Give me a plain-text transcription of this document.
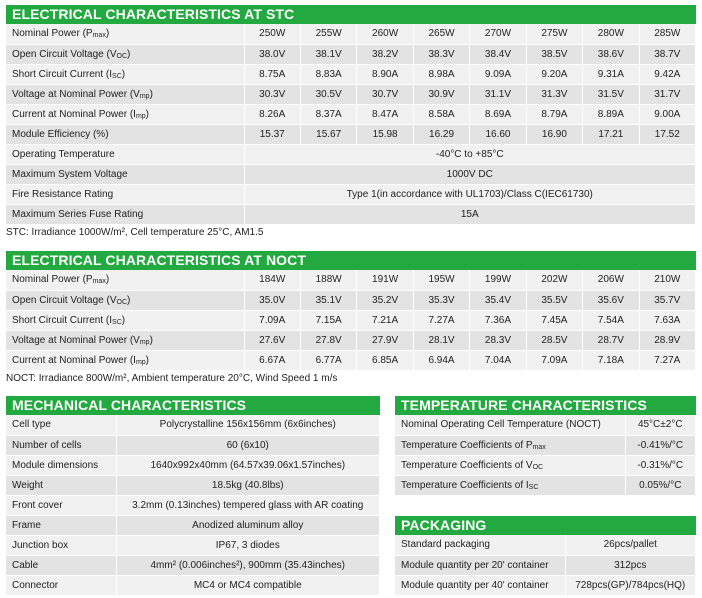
ELECTRICAL CHARACTERISTICS AT STC
Nominal Power $(P_{max})$	250W	255W	260W	265W	270W	275W	280W	285W
Open Circuit Voltage $(V_{OC})$	38.0V	38.1V	38.2V	38.3V	38.4V	38.5V	38.6V	38.7V
Short Circuit Current $(I_{SC})$	8.75A	8.83A	8.90A	8.98A	9.09A	9.20A	9.31A	9.42A
Voltage at Nominal Power $(V_{mp})$	30.3V	30.5V	30.7V	30.9V	31.1V	31.3V	31.5V	31.7V
Current at Nominal Power $(I_{mp})$	8.26A	8.37A	8.47A	8.58A	8.69A	8.79A	8.89A	9.00A
Module Efficiency (%)	15.37	15.67	15.98	16.29	16.60	16.90	17.21	17.52
Operating Temperature	-40°C to +85°C							
Maximum System Voltage	1000V DC							
Fire Resistance Rating	Type 1(in accordance with UL1703)/Class C(IEC61730)							
Maximum Series Fuse Rating	15A							
STC: Irradiance 1000W/m², Cell temperature 25°C, AM1.5
ELECTRICAL CHARACTERISTICS AT NOCT
Nominal Power $(P_{max})$	184W	188W	191W	195W	199W	202W	206W	210W
Open Circuit Voltage $(V_{OC})$	35.0V	35.1V	35.2V	35.3V	35.4V	35.5V	35.6V	35.7V
Short Circuit Current $(I_{SC})$	7.09A	7.15A	7.21A	7.27A	7.36A	7.45A	7.54A	7.63A
Voltage at Nominal Power $(V_{mp})$	27.6V	27.8V	27.9V	28.1V	28.3V	28.5V	28.7V	28.9V
Current at Nominal Power $(I_{mp})$	6.67A	6.77A	6.85A	6.94A	7.04A	7.09A	7.18A	7.27A
NOCT: Irradiance 800W/m², Ambient temperature 20°C, Wind Speed 1 m/s
MECHANICAL CHARACTERISTICS
Cell type	Polycrystalline 156x156mm (6x6inches)
Number of cells	60 (6x10)
Module dimensions	1640x992x40mm (64.57x39.06x1.57inches)
Weight	18.5kg (40.8lbs)
Front cover	3.2mm (0.13inches) tempered glass with AR coating
Frame	Anodized aluminum alloy
Junction box	IP67, 3 diodes
Cable	4mm² (0.006inches²), 900mm (35.43inches)
Connector	MC4 or MC4 compatible
TEMPERATURE CHARACTERISTICS
Nominal Operating Cell Temperature (NOCT)	45°C±2°C
Temperature Coefficients of $P_{max}$	-0.41%/°C
Temperature Coefficients of $V_{OC}$	-0.31%/°C
Temperature Coefficients of $I_{SC}$	0.05%/°C
PACKAGING
Standard packaging	26pcs/pallet
Module quantity per 20' container	312pcs
Module quantity per 40' container	728pcs(GP)/784pcs(HQ)
